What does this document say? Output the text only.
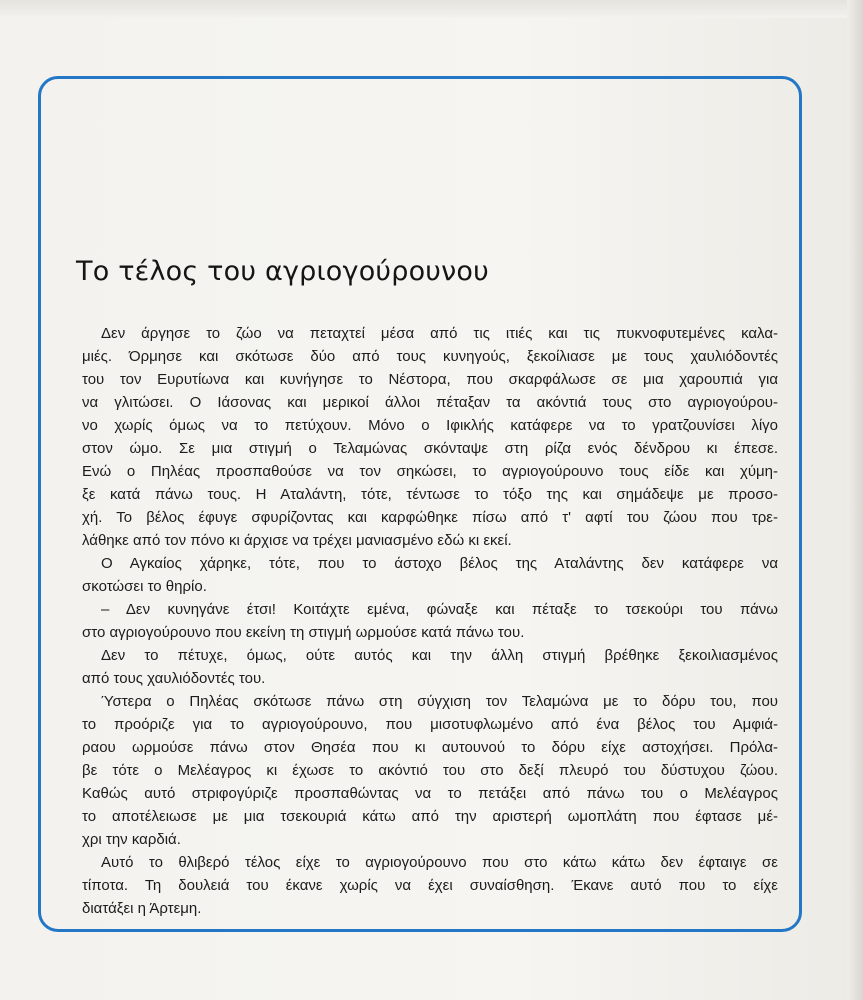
Το τέλος του αγριογούρουνου
Δεν άργησε το ζώο να πεταχτεί μέσα από τις ιτιές και τις πυκνοφυτεμένες καλα-
μιές. Όρμησε και σκότωσε δύο από τους κυνηγούς, ξεκοίλιασε με τους χαυλιόδοντές
του τον Ευρυτίωνα και κυνήγησε το Νέστορα, που σκαρφάλωσε σε μια χαρουπιά για
να γλιτώσει. Ο Ιάσονας και μερικοί άλλοι πέταξαν τα ακόντιά τους στο αγριογούρου-
νο χωρίς όμως να το πετύχουν. Μόνο ο Ιφικλής κατάφερε να το γρατζουνίσει λίγο
στον ώμο. Σε μια στιγμή ο Τελαμώνας σκόνταψε στη ρίζα ενός δένδρου κι έπεσε.
Ενώ ο Πηλέας προσπαθούσε να τον σηκώσει, το αγριογούρουνο τους είδε και χύμη-
ξε κατά πάνω τους. Η Αταλάντη, τότε, τέντωσε το τόξο της και σημάδεψε με προσο-
χή. Το βέλος έφυγε σφυρίζοντας και καρφώθηκε πίσω από τ' αφτί του ζώου που τρε-
λάθηκε από τον πόνο κι άρχισε να τρέχει μανιασμένο εδώ κι εκεί.
Ο Αγκαίος χάρηκε, τότε, που το άστοχο βέλος της Αταλάντης δεν κατάφερε να
σκοτώσει το θηρίο.
– Δεν κυνηγάνε έτσι! Κοιτάχτε εμένα, φώναξε και πέταξε το τσεκούρι του πάνω
στο αγριογούρουνο που εκείνη τη στιγμή ωρμούσε κατά πάνω του.
Δεν το πέτυχε, όμως, ούτε αυτός και την άλλη στιγμή βρέθηκε ξεκοιλιασμένος
από τους χαυλιόδοντές του.
Ύστερα ο Πηλέας σκότωσε πάνω στη σύγχιση τον Τελαμώνα με το δόρυ του, που
το προόριζε για το αγριογούρουνο, που μισοτυφλωμένο από ένα βέλος του Αμφιά-
ραου ωρμούσε πάνω στον Θησέα που κι αυτουνού το δόρυ είχε αστοχήσει. Πρόλα-
βε τότε ο Μελέαγρος κι έχωσε το ακόντιό του στο δεξί πλευρό του δύστυχου ζώου.
Καθώς αυτό στριφογύριζε προσπαθώντας να το πετάξει από πάνω του ο Μελέαγρος
το αποτέλειωσε με μια τσεκουριά κάτω από την αριστερή ωμοπλάτη που έφτασε μέ-
χρι την καρδιά.
Αυτό το θλιβερό τέλος είχε το αγριογούρουνο που στο κάτω κάτω δεν έφταιγε σε
τίποτα. Τη δουλειά του έκανε χωρίς να έχει συναίσθηση. Έκανε αυτό που το είχε
διατάξει η Άρτεμη.
